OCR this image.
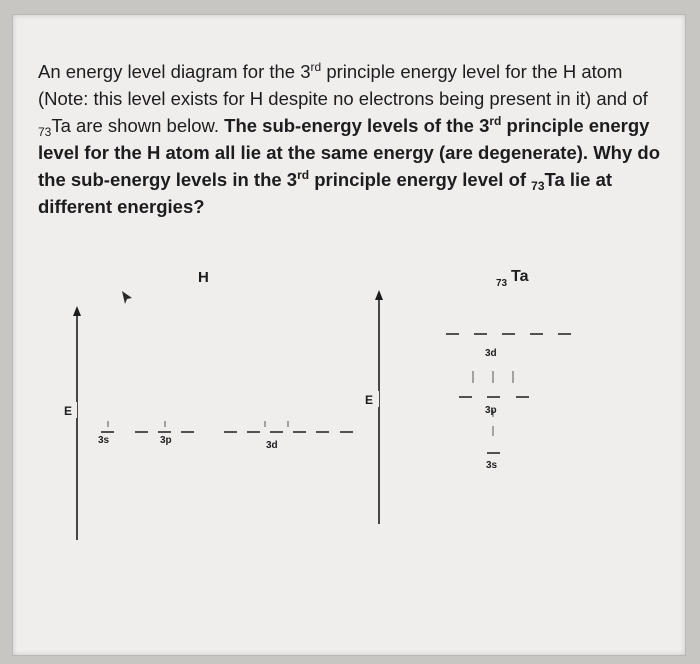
An energy level diagram for the 3rd principle energy level for the H atom (Note: this level exists for H despite no electrons being present in it) and of $_{73}$Ta are shown below. The sub-energy levels of the 3rd principle energy level for the H atom all lie at the same energy (are degenerate). Why do the sub-energy levels in the 3rd principle energy level of $_{73}$Ta lie at different energies?
H
E
3s	3p	3d
73 Ta
E
3d
3p
3s
